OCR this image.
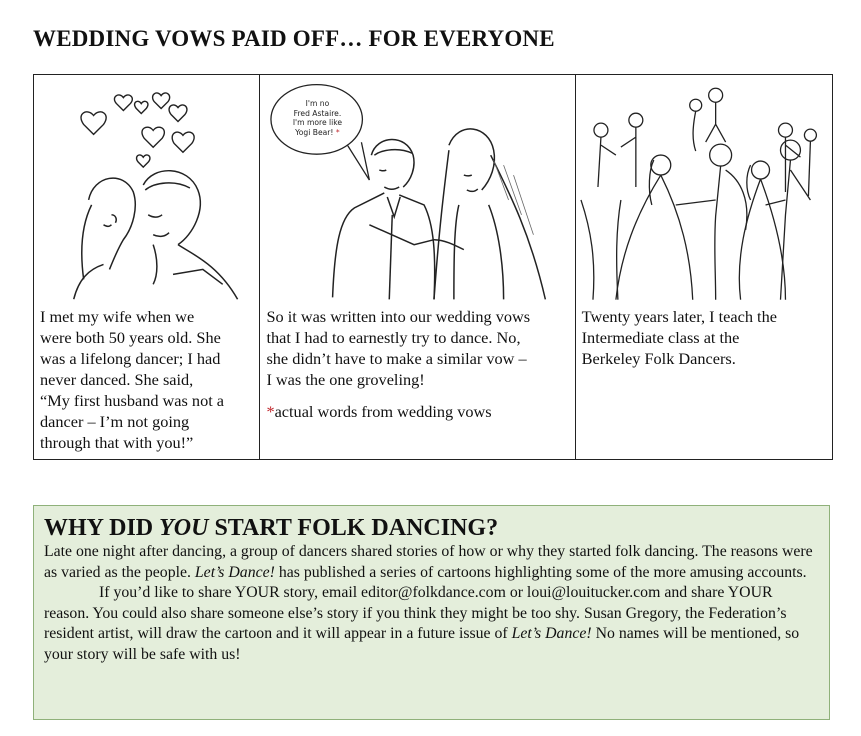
WEDDING VOWS PAID OFF… FOR EVERYONE
I met my wife when we
were both 50 years old. She
was a lifelong dancer; I had
never danced. She said,
“My first husband was not a
dancer – I’m not going
through that with you!”
I'm no
Fred Astaire.
I'm more like
Yogi Bear! *
So it was written into our wedding vows
that I had to earnestly try to dance. No,
she didn’t have to make a similar vow –
I was the one groveling!
*actual words from wedding vows
Twenty years later, I teach the
Intermediate class at the
Berkeley Folk Dancers.
WHY DID YOU START FOLK DANCING?

Late one night after dancing, a group of dancers shared stories of how or why they started folk dancing. The reasons were as varied as the people. Let’s Dance! has published a series of cartoons highlighting some of the more amusing accounts.

If you’d like to share YOUR story, email editor@folkdance.com or loui@louitucker.com and share YOUR reason. You could also share someone else’s story if you think they might be too shy. Susan Gregory, the Federation’s resident artist, will draw the cartoon and it will appear in a future issue of Let’s Dance! No names will be mentioned, so your story will be safe with us!
